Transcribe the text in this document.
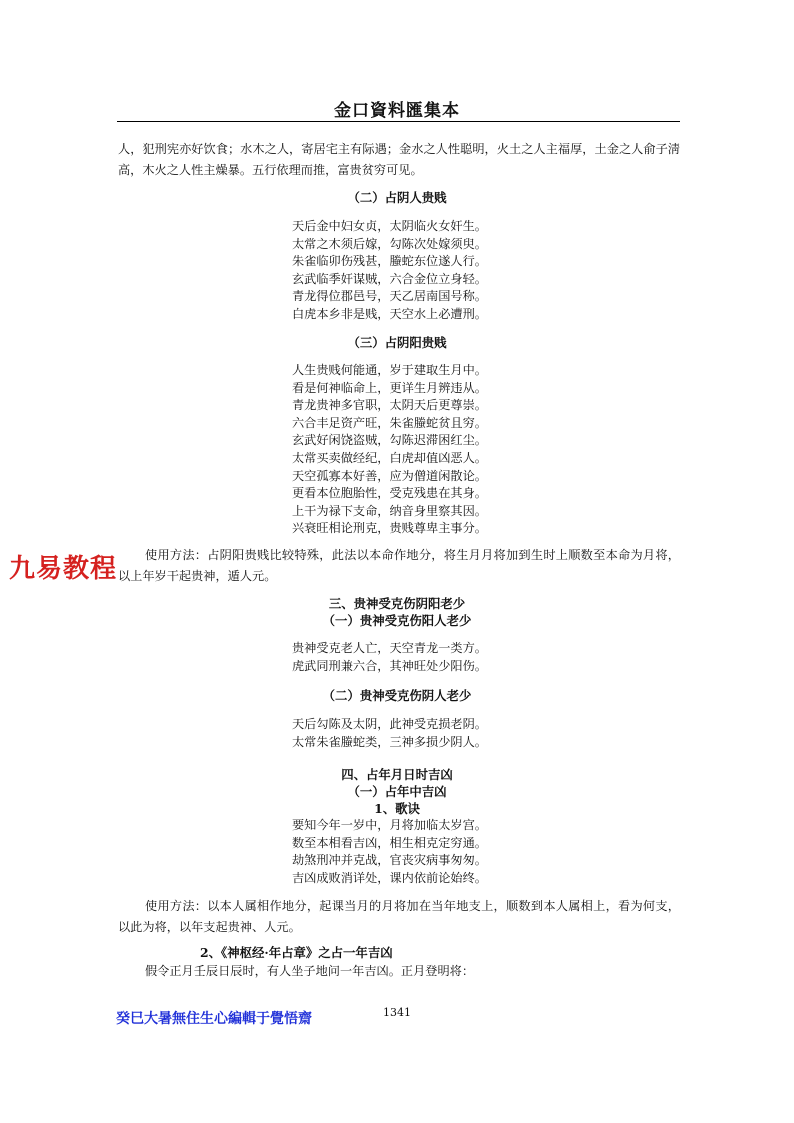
金口資料匯集本
人，犯刑宪亦好饮食；水木之人，寄居宅主有际遇；金水之人性聪明，火土之人主福厚，土金之人俞子淸高，木火之人性主燥暴。五行依理而推，富贵贫穷可见。
（二）占阴人贵贱
天后金中妇女贞，太阴临火女奸生。
太常之木须后嫁，勾陈次处嫁须臾。
朱雀临卯伤残甚，螣蛇东位遂人行。
玄武临季奸谋贼，六合金位立身轻。
青龙得位郡邑号，天乙居南国号称。
白虎本乡非是贱，天空水上必遭刑。
（三）占阴阳贵贱
人生贵贱何能通，岁于建取生月中。
看是何神临命上，更详生月辨违从。
青龙贵神多官职，太阴天后更尊崇。
六合丰足资产旺，朱雀螣蛇贫且穷。
玄武好闲饶盗贼，勾陈迟滞困红尘。
太常买卖做经纪，白虎却值凶恶人。
天空孤寡本好善，应为僧道闲散论。
更看本位胞胎性，受克残患在其身。
上干为禄下支命，纳音身里察其因。
兴衰旺相论刑克，贵贱尊卑主事分。
使用方法：占阴阳贵贱比较特殊，此法以本命作地分，将生月月将加到生时上顺数至本命为月将，以上年岁干起贵神，遁人元。
三、贵神受克伤阴阳老少
（一）贵神受克伤阳人老少
贵神受克老人亡，天空青龙一类方。
虎武同刑兼六合，其神旺处少阳伤。
（二）贵神受克伤阴人老少
天后勾陈及太阴，此神受克损老阴。
太常朱雀螣蛇类，三神多损少阴人。
四、占年月日时吉凶
（一）占年中吉凶
1、歌诀
要知今年一岁中，月将加临太岁宫。
数至本相看吉凶，相生相克定穷通。
劫煞刑冲并克战，官丧灾病事匆匆。
吉凶成败消详处，课内依前论始终。
使用方法：以本人属相作地分，起课当月的月将加在当年地支上，顺数到本人属相上，看为何支，以此为将，以年支起贵神、人元。
2、《神枢经·年占章》之占一年吉凶
假令正月壬辰日辰时，有人坐子地问一年吉凶。正月登明将：
九易教程
癸巳大暑無住生心編輯于覺悟齋	1341
